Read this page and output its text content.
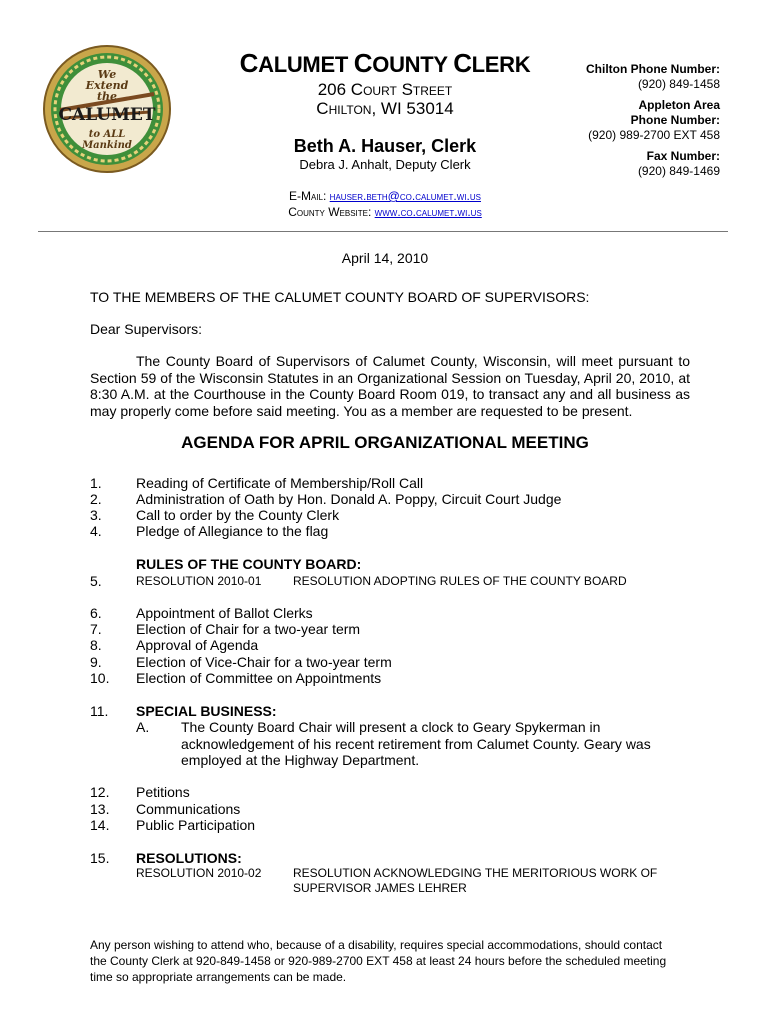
We
Extend
the
CALUMET
to ALL
Mankind
CALUMET COUNTY CLERK
206 Court Street
Chilton, WI 53014
Beth A. Hauser, Clerk
Debra J. Anhalt, Deputy Clerk
E-Mail: hauser.beth@co.calumet.wi.us
County Website: www.co.calumet.wi.us
Chilton Phone Number:
(920) 849-1458
Appleton Area
Phone Number:
(920) 989-2700 EXT 458
Fax Number:
(920) 849-1469
April 14, 2010
TO THE MEMBERS OF THE CALUMET COUNTY BOARD OF SUPERVISORS:
Dear Supervisors:
The County Board of Supervisors of Calumet County, Wisconsin, will meet pursuant to Section 59 of the Wisconsin Statutes in an Organizational Session on Tuesday, April 20, 2010, at 8:30 A.M. at the Courthouse in the County Board Room 019, to transact any and all business as may properly come before said meeting. You as a member are requested to be present.
AGENDA FOR APRIL ORGANIZATIONAL MEETING
1. Reading of Certificate of Membership/Roll Call
2. Administration of Oath by Hon. Donald A. Poppy, Circuit Court Judge
3. Call to order by the County Clerk
4. Pledge of Allegiance to the flag
RULES OF THE COUNTY BOARD:
5.	RESOLUTION 2010-01	RESOLUTION ADOPTING RULES OF THE COUNTY BOARD
6. Appointment of Ballot Clerks
7. Election of Chair for a two-year term
8. Approval of Agenda
9. Election of Vice-Chair for a two-year term
10. Election of Committee on Appointments
11. SPECIAL BUSINESS:
A. The County Board Chair will present a clock to Geary Spykerman in acknowledgement of his recent retirement from Calumet County. Geary was employed at the Highway Department.
12. Petitions
13. Communications
14. Public Participation
15. RESOLUTIONS:
RESOLUTION 2010-02	RESOLUTION ACKNOWLEDGING THE MERITORIOUS WORK OF
SUPERVISOR JAMES LEHRER
Any person wishing to attend who, because of a disability, requires special accommodations, should contact the County Clerk at 920-849-1458 or 920-989-2700 EXT 458 at least 24 hours before the scheduled meeting time so appropriate arrangements can be made.
